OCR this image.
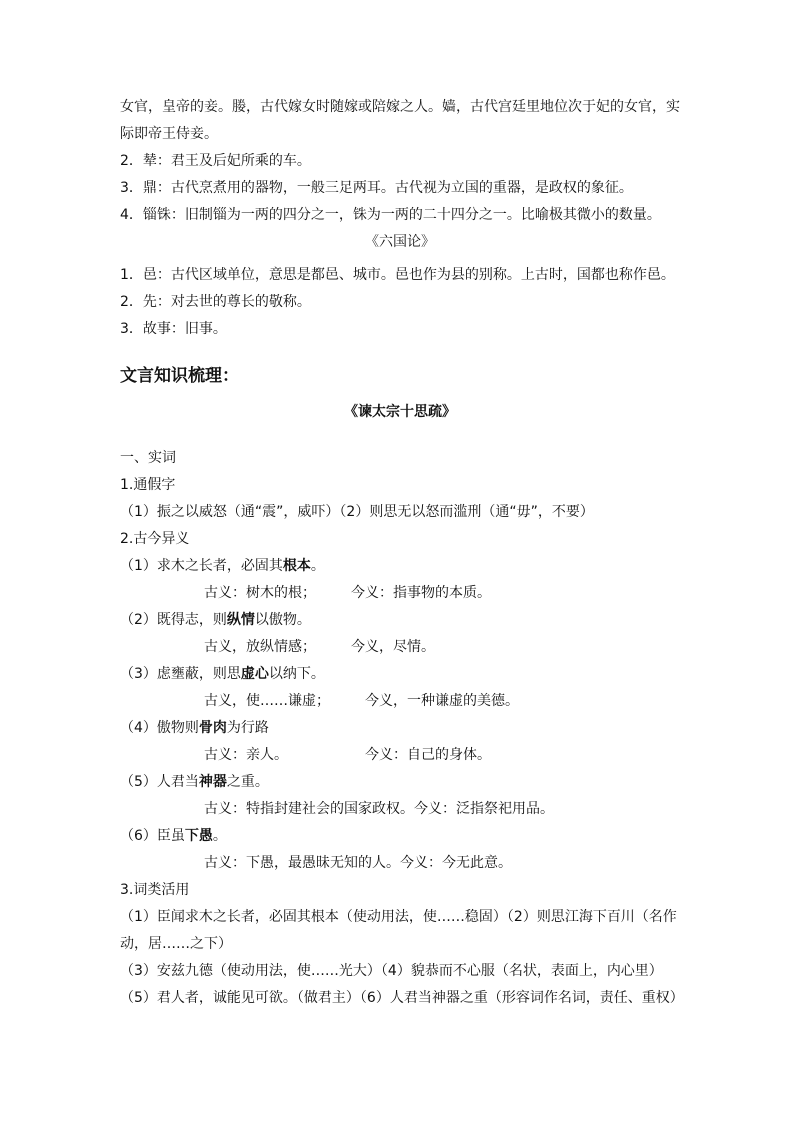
女官，皇帝的妾。媵，古代嫁女时随嫁或陪嫁之人。嫱，古代宫廷里地位次于妃的女官，实

际即帝王侍妾。

2．辇：君王及后妃所乘的车。

3．鼎：古代烹煮用的器物，一般三足两耳。古代视为立国的重器，是政权的象征。

4．锱铢：旧制锱为一两的四分之一，铢为一两的二十四分之一。比喻极其微小的数量。

《六国论》

1．邑：古代区域单位，意思是都邑、城市。邑也作为县的别称。上古时，国都也称作邑。

2．先：对去世的尊长的敬称。

3．故事：旧事。

文言知识梳理：

《谏太宗十思疏》

一、实词

1.通假字

（1）振之以威怒（通“震”，威吓）（2）则思无以怒而滥刑（通“毋”，不要）

2.古今异义

（1）求木之长者，必固其根本。

古义：树木的根；　　　今义：指事物的本质。

（2）既得志，则纵情以傲物。

古义，放纵情感；　　　今义，尽情。

（3）虑壅蔽，则思虚心以纳下。

古义，使……谦虚；　　　今义，一种谦虚的美德。

（4）傲物则骨肉为行路

古义：亲人。　　　　　　今义：自己的身体。

（5）人君当神器之重。

古义：特指封建社会的国家政权。今义：泛指祭祀用品。

（6）臣虽下愚。

古义：下愚，最愚昧无知的人。今义：今无此意。

3.词类活用

（1）臣闻求木之长者，必固其根本（使动用法，使……稳固）（2）则思江海下百川（名作

动，居……之下）

（3）安兹九德（使动用法，使……光大）（4）貌恭而不心服（名状，表面上，内心里）

（5）君人者，诚能见可欲。（做君主）（6）人君当神器之重（形容词作名词，责任、重权）
